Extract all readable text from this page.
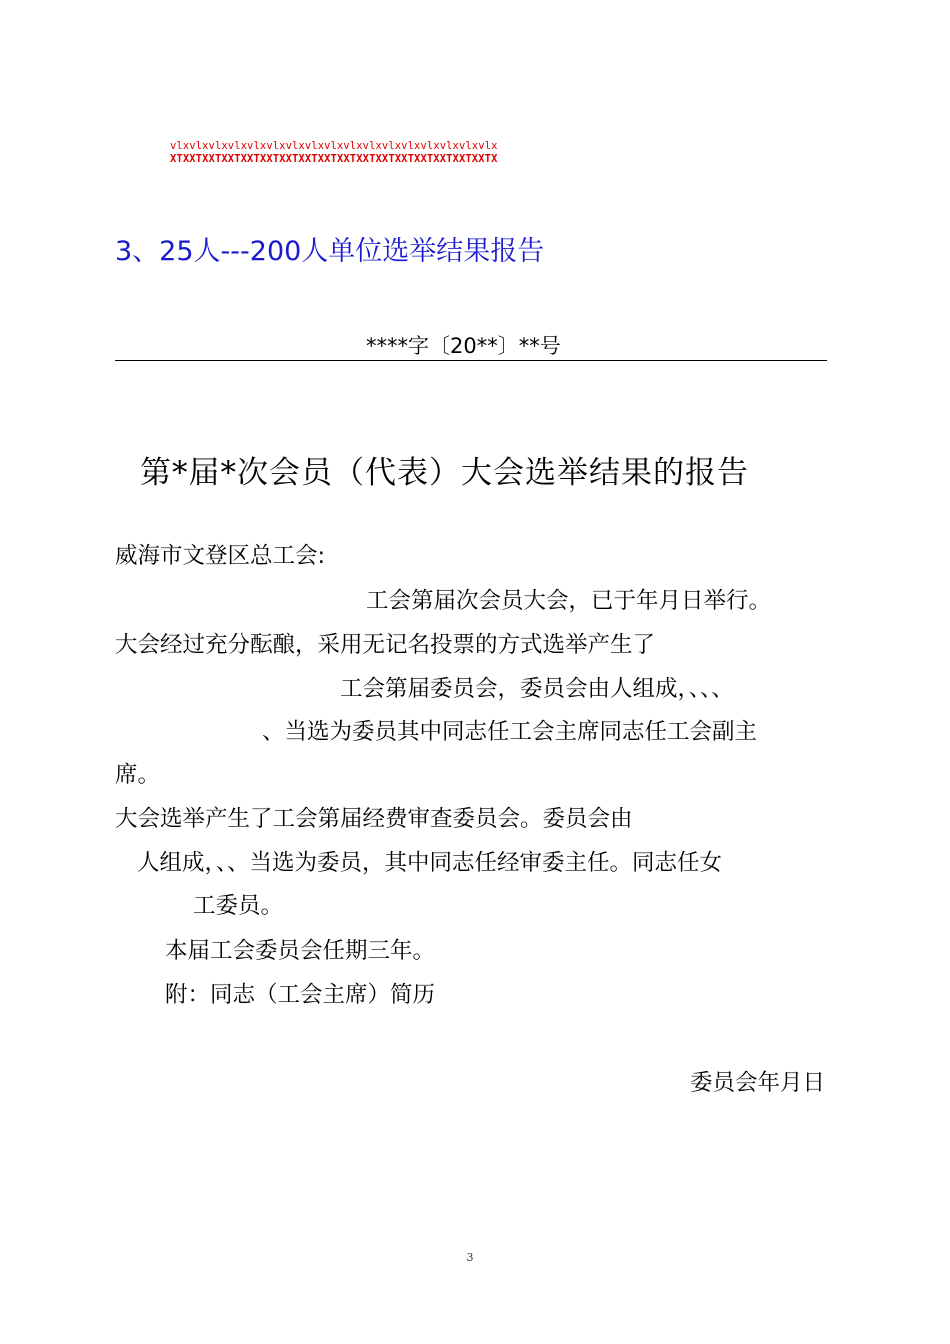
vlxvlxvlxvlxvlxvlxvlxvlxvlxvlxvlxvlxvlxvlxvlxvlxvlx
XTXXTXXTXXTXXTXXTXXTXXTXXTXXTXXTXXTXXTXXTXXTXXTXXTX
3、25人---200人单位选举结果报告
****字〔20**〕**号
第*届*次会员（代表）大会选举结果的报告
威海市文登区总工会:
工会第届次会员大会，已于年月日举行。
大会经过充分酝酿，采用无记名投票的方式选举产生了
工会第届委员会，委员会由人组成，、、、
、当选为委员其中同志任工会主席同志任工会副主
席。
大会选举产生了工会第届经费审查委员会。委员会由
人组成，、、当选为委员，其中同志任经审委主任。同志任女
工委员。
本届工会委员会任期三年。
附：同志（工会主席）简历
委员会年月日
3
